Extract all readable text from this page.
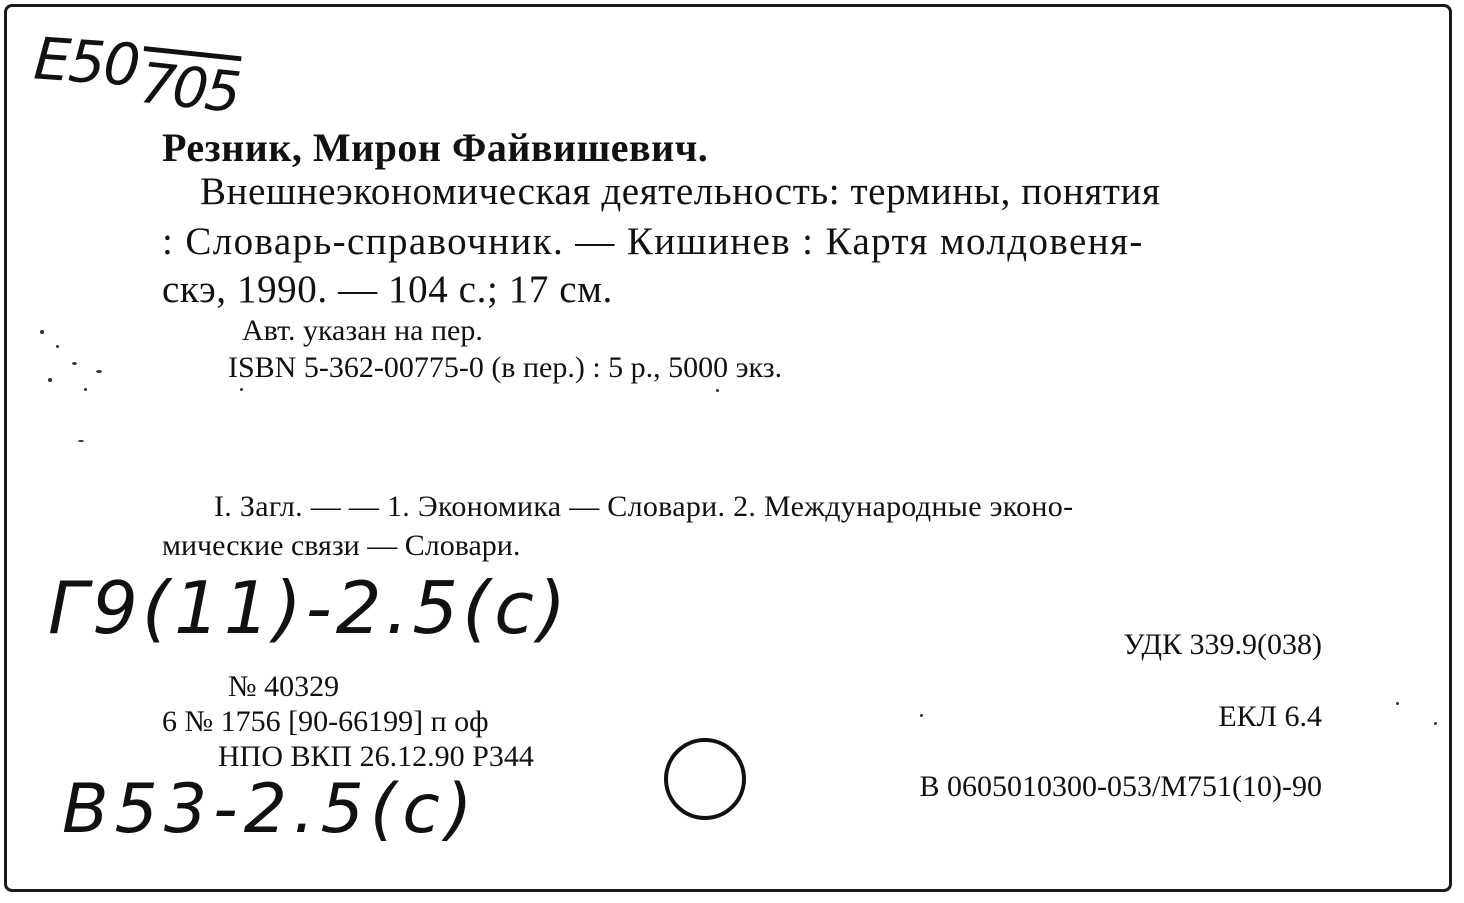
Е50
705
Резник, Мирон Файвишевич.
Внешнеэкономическая деятельность: термины, понятия
: Словарь-справочник. — Кишинев : Картя молдовеня-
скэ, 1990. — 104 с.; 17 см.
Авт. указан на пер.
ISBN 5-362-00775-0 (в пер.) : 5 р., 5000 экз.
I. Загл. — — 1. Экономика — Словари. 2. Международные эконо-
мические связи — Словари.
Г9(11)-2.5(с)
В53-2.5(с)
№ 40329
6 № 1756 [90-66199] п оф
НПО ВКП 26.12.90 Р344
УДК 339.9(038)
ЕКЛ 6.4
В 0605010300-053/М751(10)-90
